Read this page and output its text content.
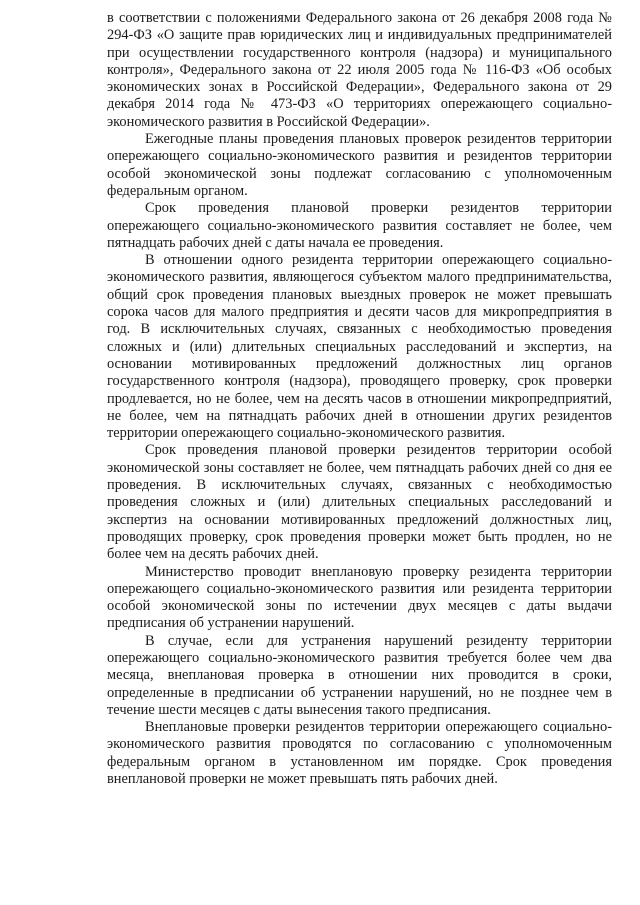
в соответствии с положениями Федерального закона от 26 декабря 2008 года № 294-ФЗ «О защите прав юридических лиц и индивидуальных предпринимателей при осуществлении государственного контроля (надзора) и муниципального контроля», Федерального закона от 22 июля 2005 года № 116-ФЗ «Об особых экономических зонах в Российской Федерации», Федерального закона от 29 декабря 2014 года № 473-ФЗ «О территориях опережающего социально-экономического развития в Российской Федерации».

Ежегодные планы проведения плановых проверок резидентов территории опережающего социально-экономического развития и резидентов территории особой экономической зоны подлежат согласованию с уполномоченным федеральным органом.

Срок проведения плановой проверки резидентов территории опережающего социально-экономического развития составляет не более, чем пятнадцать рабочих дней с даты начала ее проведения.

В отношении одного резидента территории опережающего социально-экономического развития, являющегося субъектом малого предпринимательства, общий срок проведения плановых выездных проверок не может превышать сорока часов для малого предприятия и десяти часов для микропредприятия в год. В исключительных случаях, связанных с необходимостью проведения сложных и (или) длительных специальных расследований и экспертиз, на основании мотивированных предложений должностных лиц органов государственного контроля (надзора), проводящего проверку, срок проверки продлевается, но не более, чем на десять часов в отношении микропредприятий, не более, чем на пятнадцать рабочих дней в отношении других резидентов территории опережающего социально-экономического развития.

Срок проведения плановой проверки резидентов территории особой экономической зоны составляет не более, чем пятнадцать рабочих дней со дня ее проведения. В исключительных случаях, связанных с необходимостью проведения сложных и (или) длительных специальных расследований и экспертиз на основании мотивированных предложений должностных лиц, проводящих проверку, срок проведения проверки может быть продлен, но не более чем на десять рабочих дней.

Министерство проводит внеплановую проверку резидента территории опережающего социально-экономического развития или резидента территории особой экономической зоны по истечении двух месяцев с даты выдачи предписания об устранении нарушений.

В случае, если для устранения нарушений резиденту территории опережающего социально-экономического развития требуется более чем два месяца, внеплановая проверка в отношении них проводится в сроки, определенные в предписании об устранении нарушений, но не позднее чем в течение шести месяцев с даты вынесения такого предписания.

Внеплановые проверки резидентов территории опережающего социально-экономического развития проводятся по согласованию с уполномоченным федеральным органом в установленном им порядке. Срок проведения внеплановой проверки не может превышать пять рабочих дней.
